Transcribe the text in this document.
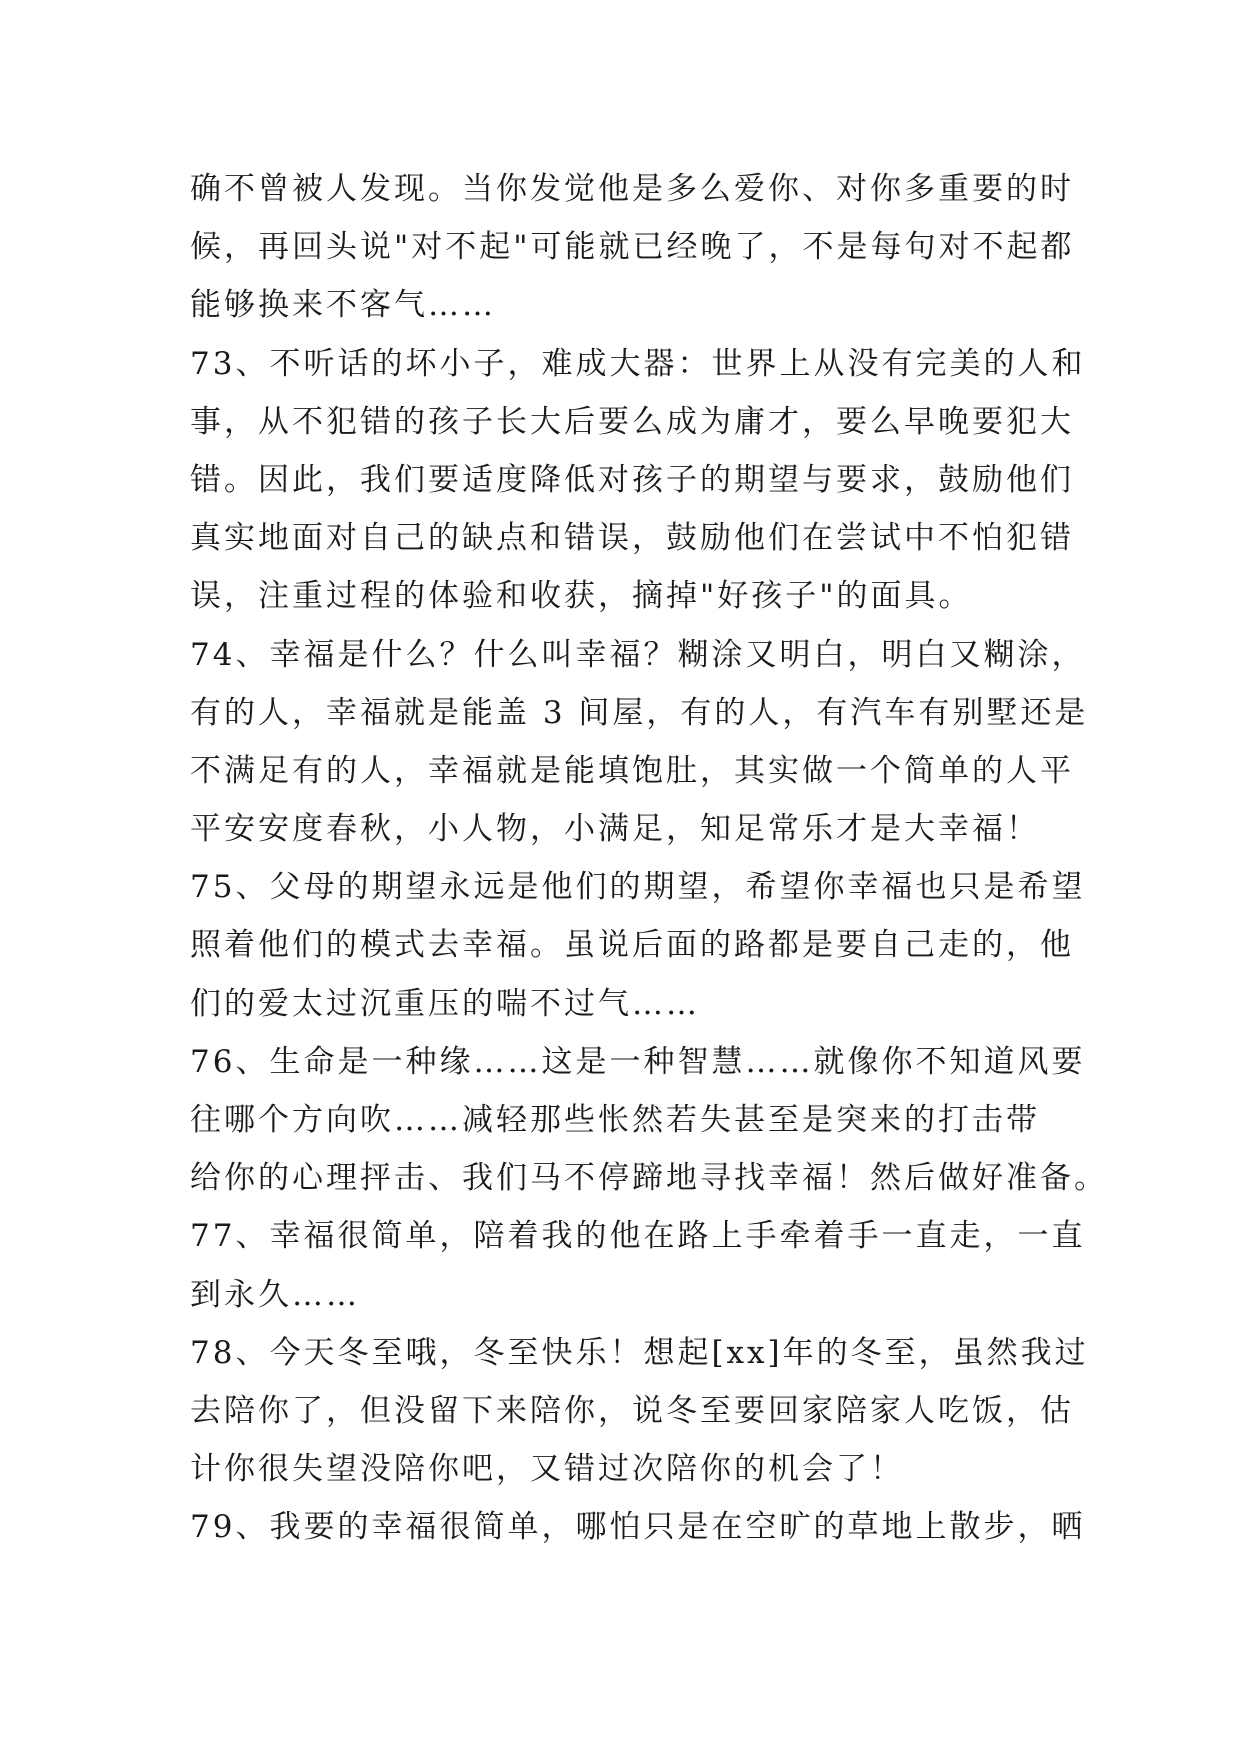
确不曾被人发现。当你发觉他是多么爱你、对你多重要的时
候，再回头说"对不起"可能就已经晚了，不是每句对不起都
能够换来不客气……
73、不听话的坏小子，难成大器：世界上从没有完美的人和
事，从不犯错的孩子长大后要么成为庸才，要么早晚要犯大
错。因此，我们要适度降低对孩子的期望与要求，鼓励他们
真实地面对自己的缺点和错误，鼓励他们在尝试中不怕犯错
误，注重过程的体验和收获，摘掉"好孩子"的面具。
74、幸福是什么？什么叫幸福？糊涂又明白，明白又糊涂，
有的人，幸福就是能盖 3 间屋，有的人，有汽车有别墅还是
不满足有的人，幸福就是能填饱肚，其实做一个简单的人平
平安安度春秋，小人物，小满足，知足常乐才是大幸福！
75、父母的期望永远是他们的期望，希望你幸福也只是希望
照着他们的模式去幸福。虽说后面的路都是要自己走的，他
们的爱太过沉重压的喘不过气……
76、生命是一种缘……这是一种智慧……就像你不知道风要
往哪个方向吹……减轻那些怅然若失甚至是突来的打击带
给你的心理抨击、我们马不停蹄地寻找幸福！然后做好准备。
77、幸福很简单，陪着我的他在路上手牵着手一直走，一直
到永久……
78、今天冬至哦，冬至快乐！想起[xx]年的冬至，虽然我过
去陪你了，但没留下来陪你，说冬至要回家陪家人吃饭，估
计你很失望没陪你吧，又错过次陪你的机会了！
79、我要的幸福很简单，哪怕只是在空旷的草地上散步，晒
